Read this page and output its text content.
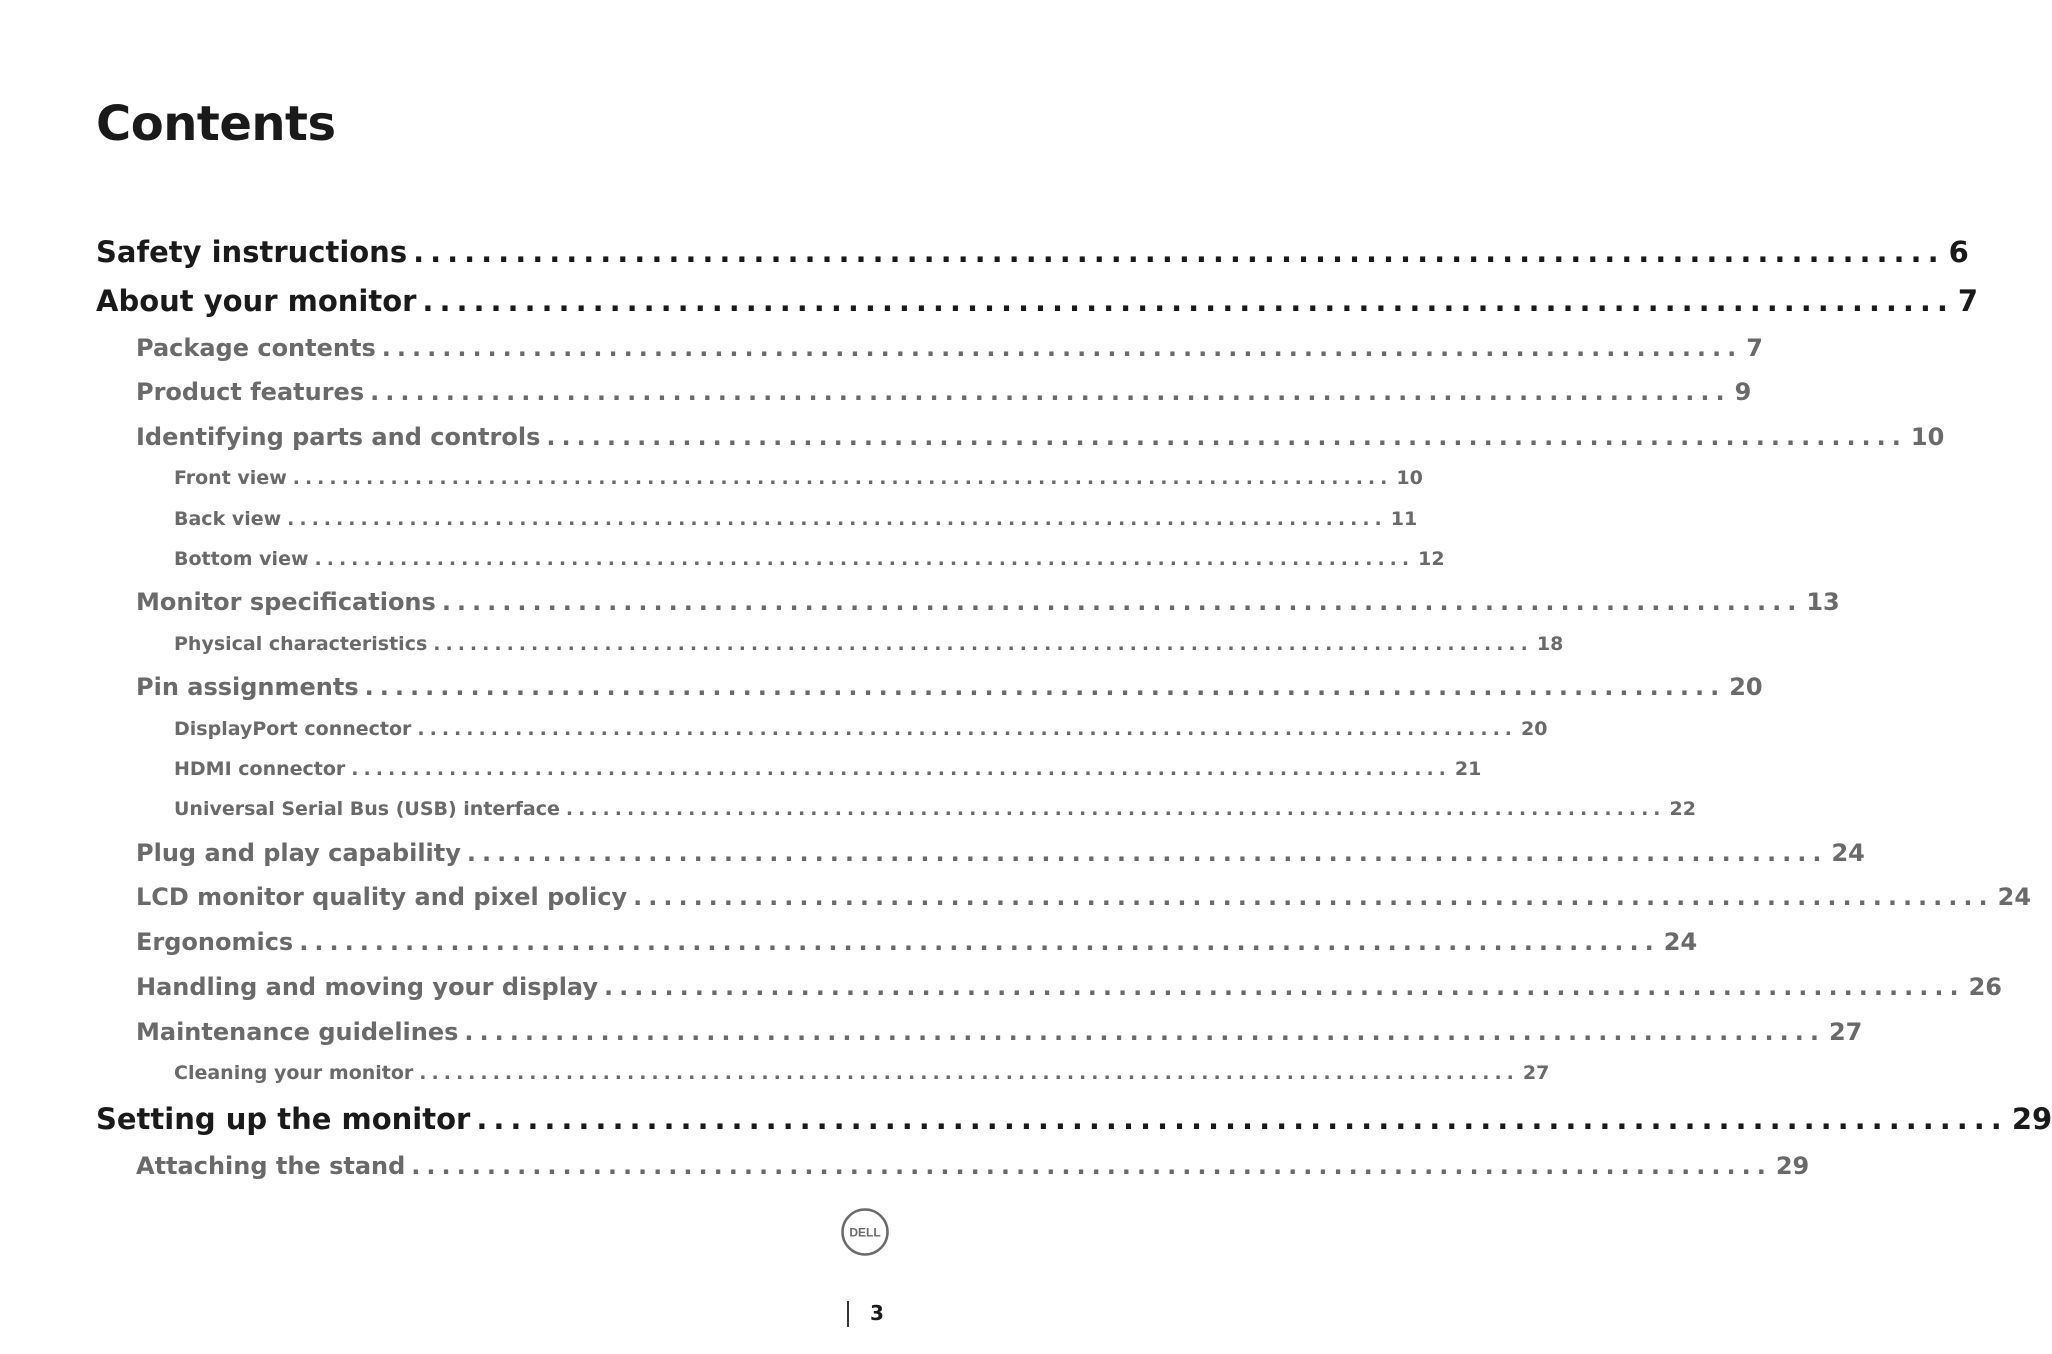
Contents
Safety instructions .......................................................................................... 6
About your monitor .......................................................................................... 7
Package contents .......................................................................................... 7
Product features .......................................................................................... 9
Identifying parts and controls .......................................................................................... 10
Front view .......................................................................................... 10
Back view .......................................................................................... 11
Bottom view .......................................................................................... 12
Monitor specifications .......................................................................................... 13
Physical characteristics .......................................................................................... 18
Pin assignments .......................................................................................... 20
DisplayPort connector .......................................................................................... 20
HDMI connector .......................................................................................... 21
Universal Serial Bus (USB) interface .......................................................................................... 22
Plug and play capability .......................................................................................... 24
LCD monitor quality and pixel policy .......................................................................................... 24
Ergonomics .......................................................................................... 24
Handling and moving your display .......................................................................................... 26
Maintenance guidelines .......................................................................................... 27
Cleaning your monitor .......................................................................................... 27
Setting up the monitor .......................................................................................... 29
Attaching the stand .......................................................................................... 29
DELL
3
